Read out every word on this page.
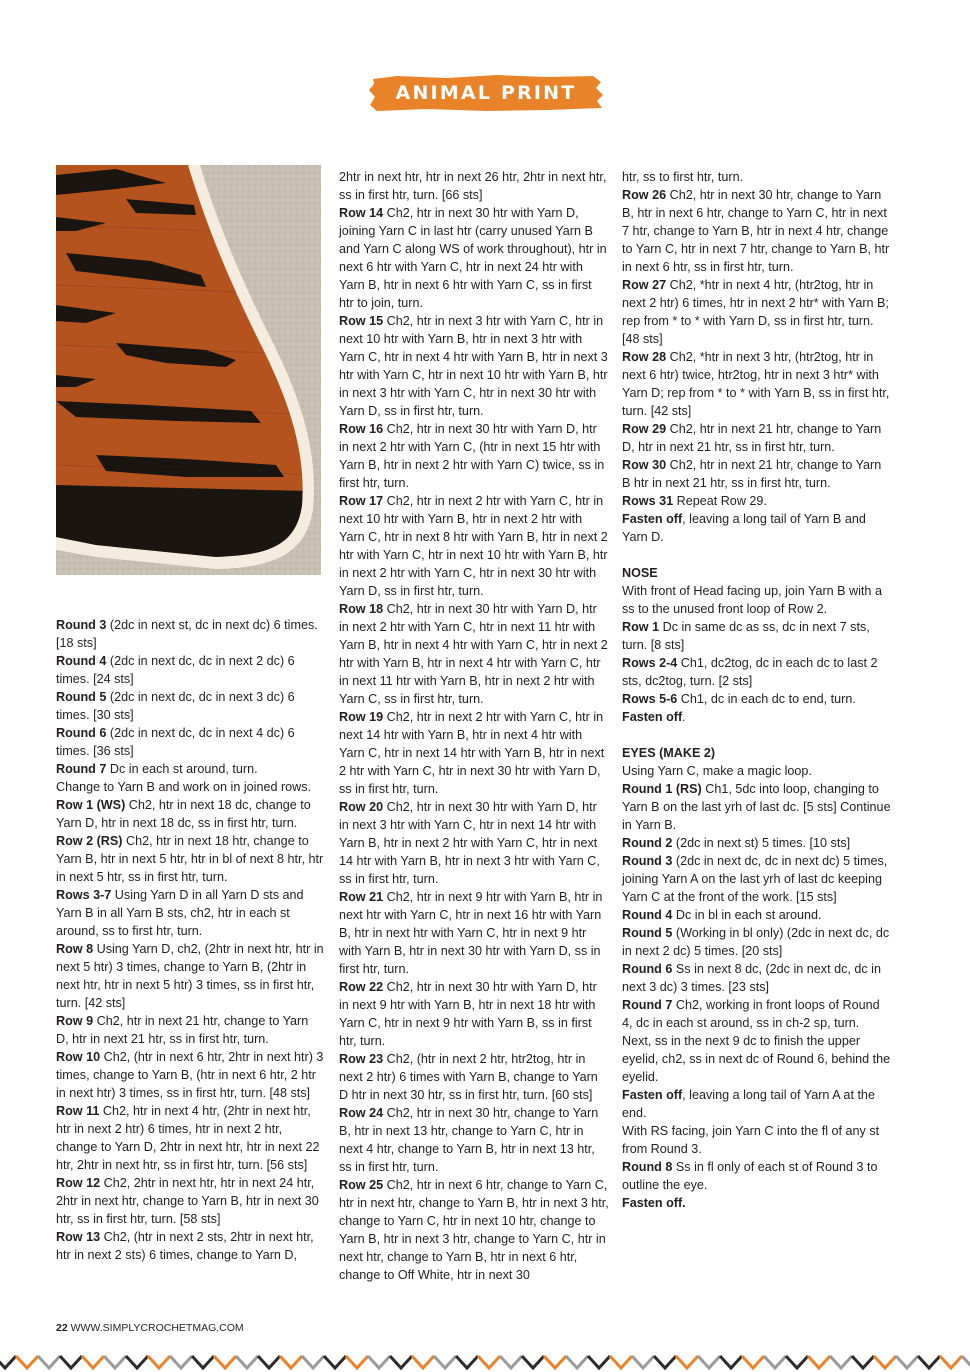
ANIMAL PRINT IDEAS

Round 3 (2dc in next st, dc in next dc) 6 times. [18 sts]

Round 4 (2dc in next dc, dc in next 2 dc) 6 times. [24 sts]

Round 5 (2dc in next dc, dc in next 3 dc) 6 times. [30 sts]

Round 6 (2dc in next dc, dc in next 4 dc) 6 times. [36 sts]

Round 7 Dc in each st around, turn.

Change to Yarn B and work on in joined rows.

Row 1 (WS) Ch2, htr in next 18 dc, change to Yarn D, htr in next 18 dc, ss in first htr, turn.

Row 2 (RS) Ch2, htr in next 18 htr, change to Yarn B, htr in next 5 htr, htr in bl of next 8 htr, htr in next 5 htr, ss in first htr, turn.

Rows 3-7 Using Yarn D in all Yarn D sts and Yarn B in all Yarn B sts, ch2, htr in each st around, ss to first htr, turn.

Row 8 Using Yarn D, ch2, (2htr in next htr, htr in next 5 htr) 3 times, change to Yarn B, (2htr in next htr, htr in next 5 htr) 3 times, ss in first htr, turn. [42 sts]

Row 9 Ch2, htr in next 21 htr, change to Yarn D, htr in next 21 htr, ss in first htr, turn.

Row 10 Ch2, (htr in next 6 htr, 2htr in next htr) 3 times, change to Yarn B, (htr in next 6 htr, 2 htr in next htr) 3 times, ss in first htr, turn. [48 sts]

Row 11 Ch2, htr in next 4 htr, (2htr in next htr, htr in next 2 htr) 6 times, htr in next 2 htr, change to Yarn D, 2htr in next htr, htr in next 22 htr, 2htr in next htr, ss in first htr, turn. [56 sts]

Row 12 Ch2, 2htr in next htr, htr in next 24 htr, 2htr in next htr, change to Yarn B, htr in next 30 htr, ss in first htr, turn. [58 sts]

Row 13 Ch2, (htr in next 2 sts, 2htr in next htr, htr in next 2 sts) 6 times, change to Yarn D,

2htr in next htr, htr in next 26 htr, 2htr in next htr, ss in first htr, turn. [66 sts]

Row 14 Ch2, htr in next 30 htr with Yarn D, joining Yarn C in last htr (carry unused Yarn B and Yarn C along WS of work throughout), htr in next 6 htr with Yarn C, htr in next 24 htr with Yarn B, htr in next 6 htr with Yarn C, ss in first htr to join, turn.

Row 15 Ch2, htr in next 3 htr with Yarn C, htr in next 10 htr with Yarn B, htr in next 3 htr with Yarn C, htr in next 4 htr with Yarn B, htr in next 3 htr with Yarn C, htr in next 10 htr with Yarn B, htr in next 3 htr with Yarn C, htr in next 30 htr with Yarn D, ss in first htr, turn.

Row 16 Ch2, htr in next 30 htr with Yarn D, htr in next 2 htr with Yarn C, (htr in next 15 htr with Yarn B, htr in next 2 htr with Yarn C) twice, ss in first htr, turn.

Row 17 Ch2, htr in next 2 htr with Yarn C, htr in next 10 htr with Yarn B, htr in next 2 htr with Yarn C, htr in next 8 htr with Yarn B, htr in next 2 htr with Yarn C, htr in next 10 htr with Yarn B, htr in next 2 htr with Yarn C, htr in next 30 htr with Yarn D, ss in first htr, turn.

Row 18 Ch2, htr in next 30 htr with Yarn D, htr in next 2 htr with Yarn C, htr in next 11 htr with Yarn B, htr in next 4 htr with Yarn C, htr in next 2 htr with Yarn B, htr in next 4 htr with Yarn C, htr in next 11 htr with Yarn B, htr in next 2 htr with Yarn C, ss in first htr, turn.

Row 19 Ch2, htr in next 2 htr with Yarn C, htr in next 14 htr with Yarn B, htr in next 4 htr with Yarn C, htr in next 14 htr with Yarn B, htr in next 2 htr with Yarn C, htr in next 30 htr with Yarn D, ss in first htr, turn.

Row 20 Ch2, htr in next 30 htr with Yarn D, htr in next 3 htr with Yarn C, htr in next 14 htr with Yarn B, htr in next 2 htr with Yarn C, htr in next 14 htr with Yarn B, htr in next 3 htr with Yarn C, ss in first htr, turn.

Row 21 Ch2, htr in next 9 htr with Yarn B, htr in next htr with Yarn C, htr in next 16 htr with Yarn B, htr in next htr with Yarn C, htr in next 9 htr with Yarn B, htr in next 30 htr with Yarn D, ss in first htr, turn.

Row 22 Ch2, htr in next 30 htr with Yarn D, htr in next 9 htr with Yarn B, htr in next 18 htr with Yarn C, htr in next 9 htr with Yarn B, ss in first htr, turn.

Row 23 Ch2, (htr in next 2 htr, htr2tog, htr in next 2 htr) 6 times with Yarn B, change to Yarn D htr in next 30 htr, ss in first htr, turn. [60 sts]

Row 24 Ch2, htr in next 30 htr, change to Yarn B, htr in next 13 htr, change to Yarn C, htr in next 4 htr, change to Yarn B, htr in next 13 htr, ss in first htr, turn.

Row 25 Ch2, htr in next 6 htr, change to Yarn C, htr in next htr, change to Yarn B, htr in next 3 htr, change to Yarn C, htr in next 10 htr, change to Yarn B, htr in next 3 htr, change to Yarn C, htr in next htr, change to Yarn B, htr in next 6 htr, change to Off White, htr in next 30

htr, ss to first htr, turn.

Row 26 Ch2, htr in next 30 htr, change to Yarn B, htr in next 6 htr, change to Yarn C, htr in next 7 htr, change to Yarn B, htr in next 4 htr, change to Yarn C, htr in next 7 htr, change to Yarn B, htr in next 6 htr, ss in first htr, turn.

Row 27 Ch2, *htr in next 4 htr, (htr2tog, htr in next 2 htr) 6 times, htr in next 2 htr* with Yarn B; rep from * to * with Yarn D, ss in first htr, turn. [48 sts]

Row 28 Ch2, *htr in next 3 htr, (htr2tog, htr in next 6 htr) twice, htr2tog, htr in next 3 htr* with Yarn D; rep from * to * with Yarn B, ss in first htr, turn. [42 sts]

Row 29 Ch2, htr in next 21 htr, change to Yarn D, htr in next 21 htr, ss in first htr, turn.

Row 30 Ch2, htr in next 21 htr, change to Yarn B htr in next 21 htr, ss in first htr, turn.

Rows 31 Repeat Row 29.

Fasten off, leaving a long tail of Yarn B and Yarn D.

NOSE

With front of Head facing up, join Yarn B with a ss to the unused front loop of Row 2.

Row 1 Dc in same dc as ss, dc in next 7 sts, turn. [8 sts]

Rows 2-4 Ch1, dc2tog, dc in each dc to last 2 sts, dc2tog, turn. [2 sts]

Rows 5-6 Ch1, dc in each dc to end, turn.

Fasten off.

EYES (MAKE 2)

Using Yarn C, make a magic loop.

Round 1 (RS) Ch1, 5dc into loop, changing to Yarn B on the last yrh of last dc. [5 sts] Continue in Yarn B.

Round 2 (2dc in next st) 5 times. [10 sts]

Round 3 (2dc in next dc, dc in next dc) 5 times, joining Yarn A on the last yrh of last dc keeping Yarn C at the front of the work. [15 sts]

Round 4 Dc in bl in each st around.

Round 5 (Working in bl only) (2dc in next dc, dc in next 2 dc) 5 times. [20 sts]

Round 6 Ss in next 8 dc, (2dc in next dc, dc in next 3 dc) 3 times. [23 sts]

Round 7 Ch2, working in front loops of Round 4, dc in each st around, ss in ch-2 sp, turn.

Next, ss in the next 9 dc to finish the upper eyelid, ch2, ss in next dc of Round 6, behind the eyelid.

Fasten off, leaving a long tail of Yarn A at the end.

With RS facing, join Yarn C into the fl of any st from Round 3.

Round 8 Ss in fl only of each st of Round 3 to outline the eye.

Fasten off.

22 WWW.SIMPLYCROCHETMAG.COM
